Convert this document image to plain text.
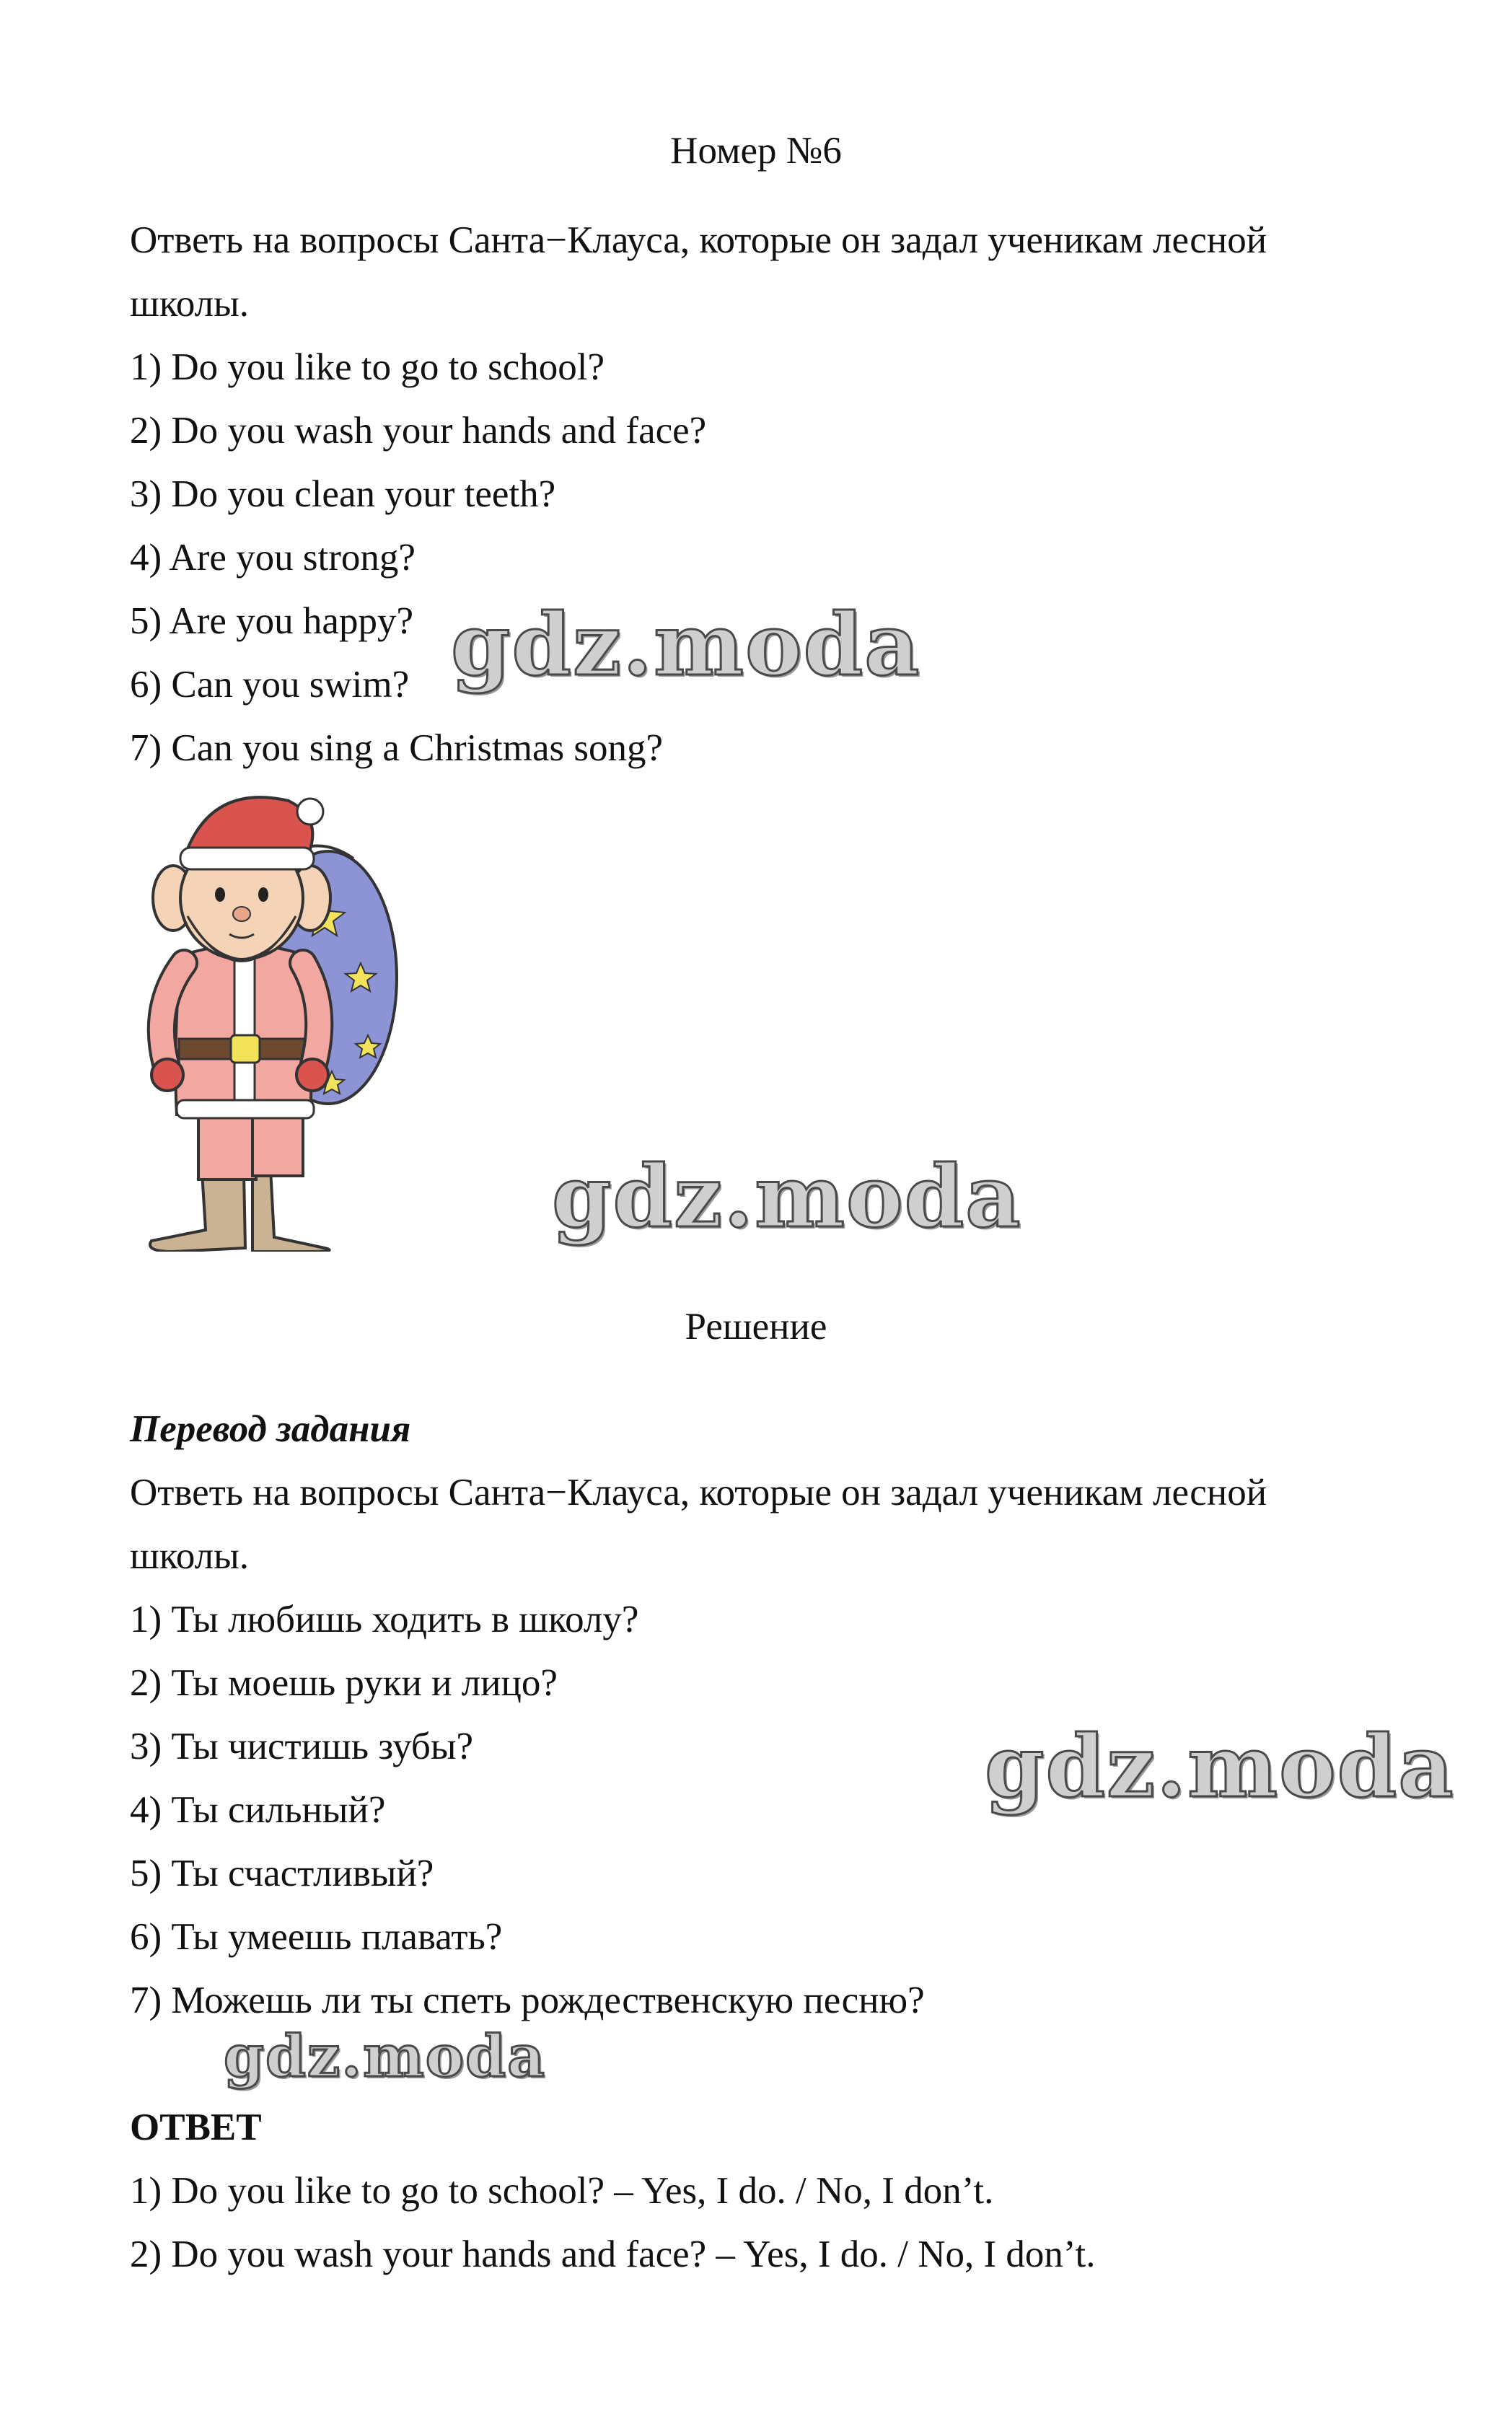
Номер №6
Ответь на вопросы Санта−Клауса, которые он задал ученикам лесной
школы.
1) Do you like to go to school?
2) Do you wash your hands and face?
3) Do you clean your teeth?
4) Are you strong?
5) Are you happy?
6) Can you swim?
7) Can you sing a Christmas song?
gdz.moda
gdz.moda
Решение
Перевод задания
Ответь на вопросы Санта−Клауса, которые он задал ученикам лесной
школы.
1) Ты любишь ходить в школу?
2) Ты моешь руки и лицо?
3) Ты чистишь зубы?
4) Ты сильный?
5) Ты счастливый?
6) Ты умеешь плавать?
7) Можешь ли ты спеть рождественскую песню?
gdz.moda
gdz.moda
ОТВЕТ
1) Do you like to go to school? – Yes, I do. / No, I don’t.
2) Do you wash your hands and face? – Yes, I do. / No, I don’t.
